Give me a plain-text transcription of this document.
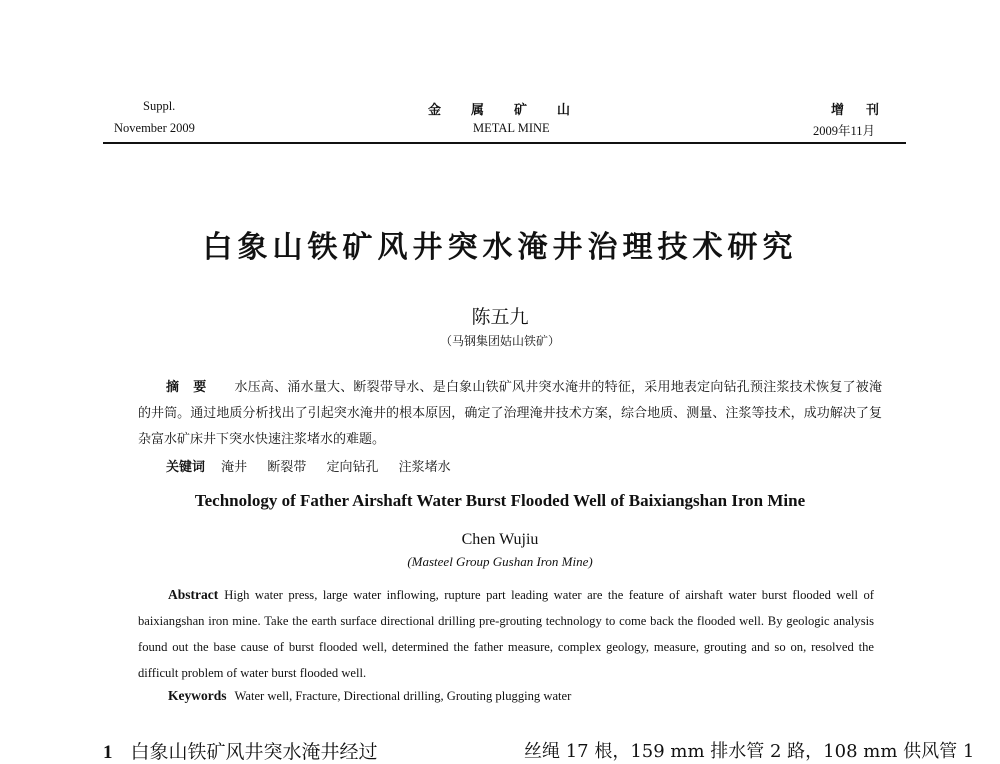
Suppl.
November 2009
金属矿山
METAL MINE
增刊
2009年11月
白象山铁矿风井突水淹井治理技术研究
陈五九
（马钢集团姑山铁矿）
摘要 水压高、涌水量大、断裂带导水、是白象山铁矿风井突水淹井的特征，采用地表定向钻孔预注浆技术恢复了被淹的井筒。通过地质分析找出了引起突水淹井的根本原因，确定了治理淹井技术方案，综合地质、测量、注浆等技术，成功解决了复杂富水矿床井下突水快速注浆堵水的难题。
关键词 淹井 断裂带 定向钻孔 注浆堵水
Technology of Father Airshaft Water Burst Flooded Well of Baixiangshan Iron Mine
Chen Wujiu
(Masteel Group Gushan Iron Mine)
Abstract High water press, large water inflowing, rupture part leading water are the feature of airshaft water burst flooded well of baixiangshan iron mine. Take the earth surface directional drilling pre-grouting technology to come back the flooded well. By geologic analysis found out the base cause of burst flooded well, determined the father measure, complex geology, measure, grouting and so on, resolved the difficult problem of water burst flooded well.
Keywords Water well, Fracture, Directional drilling, Grouting plugging water
1 白象山铁矿风井突水淹井经过	丝绳 17 根，159 mm 排水管 2 路，108 mm 供风管 1
